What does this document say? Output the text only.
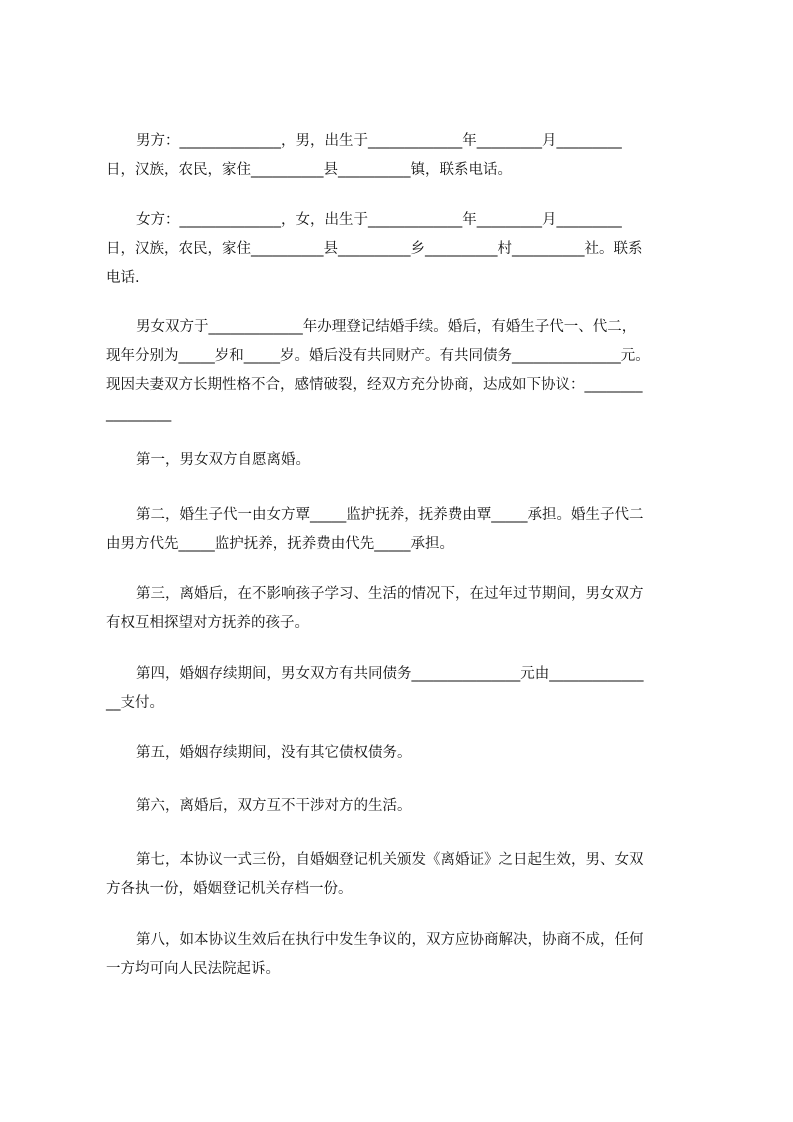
男方：______________，男，出生于_____________年_________月_________
日，汉族，农民，家住__________县__________镇，联系电话。

女方：______________，女，出生于_____________年_________月_________
日，汉族，农民，家住__________县__________乡__________村__________社。联系
电话.

男女双方于_____________年办理登记结婚手续。婚后，有婚生子代一、代二，
现年分别为_____岁和_____岁。婚后没有共同财产。有共同债务_______________元。
现因夫妻双方长期性格不合，感情破裂，经双方充分协商，达成如下协议：________
_________

第一，男女双方自愿离婚。

第二，婚生子代一由女方覃_____监护抚养，抚养费由覃_____承担。婚生子代二
由男方代先_____监护抚养，抚养费由代先_____承担。

第三，离婚后，在不影响孩子学习、生活的情况下，在过年过节期间，男女双方
有权互相探望对方抚养的孩子。

第四，婚姻存续期间，男女双方有共同债务_______________元由_____________
__支付。

第五，婚姻存续期间，没有其它债权债务。

第六，离婚后，双方互不干涉对方的生活。

第七，本协议一式三份，自婚姻登记机关颁发《离婚证》之日起生效，男、女双
方各执一份，婚姻登记机关存档一份。

第八，如本协议生效后在执行中发生争议的，双方应协商解决，协商不成，任何
一方均可向人民法院起诉。
